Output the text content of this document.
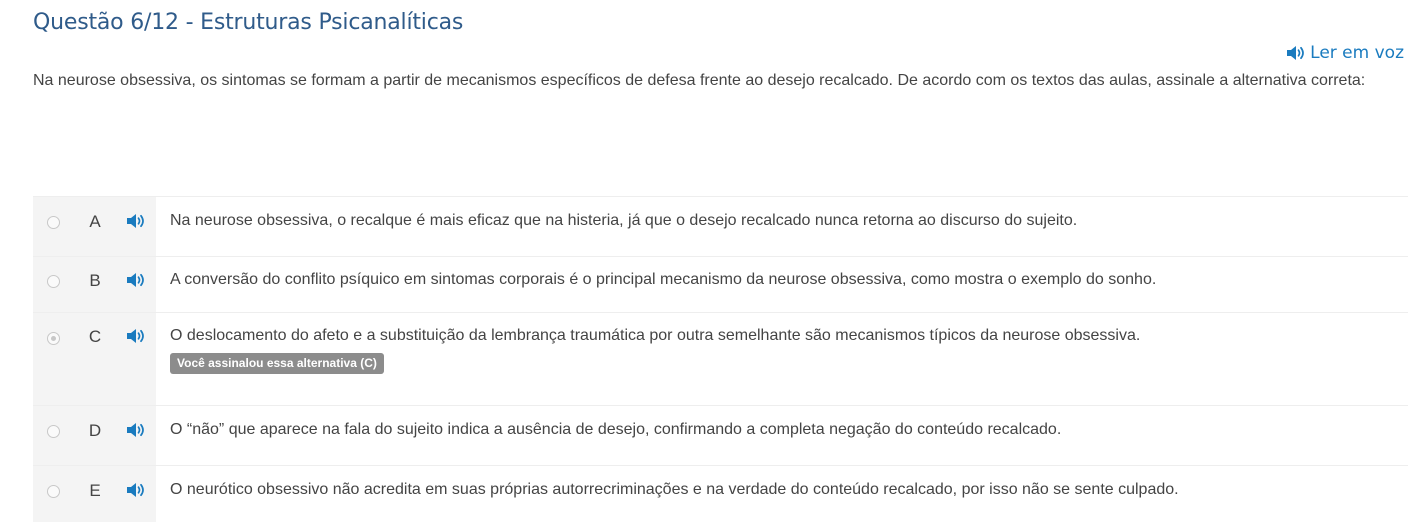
Questão 6/12 - Estruturas Psicanalíticas
Ler em voz

Na neurose obsessiva, os sintomas se formam a partir de mecanismos específicos de defesa frente ao desejo recalcado. De acordo com os textos das aulas, assinale a alternativa correta:

A	Na neurose obsessiva, o recalque é mais eficaz que na histeria, já que o desejo recalcado nunca retorna ao discurso do sujeito.
B	A conversão do conflito psíquico em sintomas corporais é o principal mecanismo da neurose obsessiva, como mostra o exemplo do sonho.
C	O deslocamento do afeto e a substituição da lembrança traumática por outra semelhante são mecanismos típicos da neurose obsessiva.
Você assinalou essa alternativa (C)
D	O “não” que aparece na fala do sujeito indica a ausência de desejo, confirmando a completa negação do conteúdo recalcado.
E	O neurótico obsessivo não acredita em suas próprias autorrecriminações e na verdade do conteúdo recalcado, por isso não se sente culpado.
